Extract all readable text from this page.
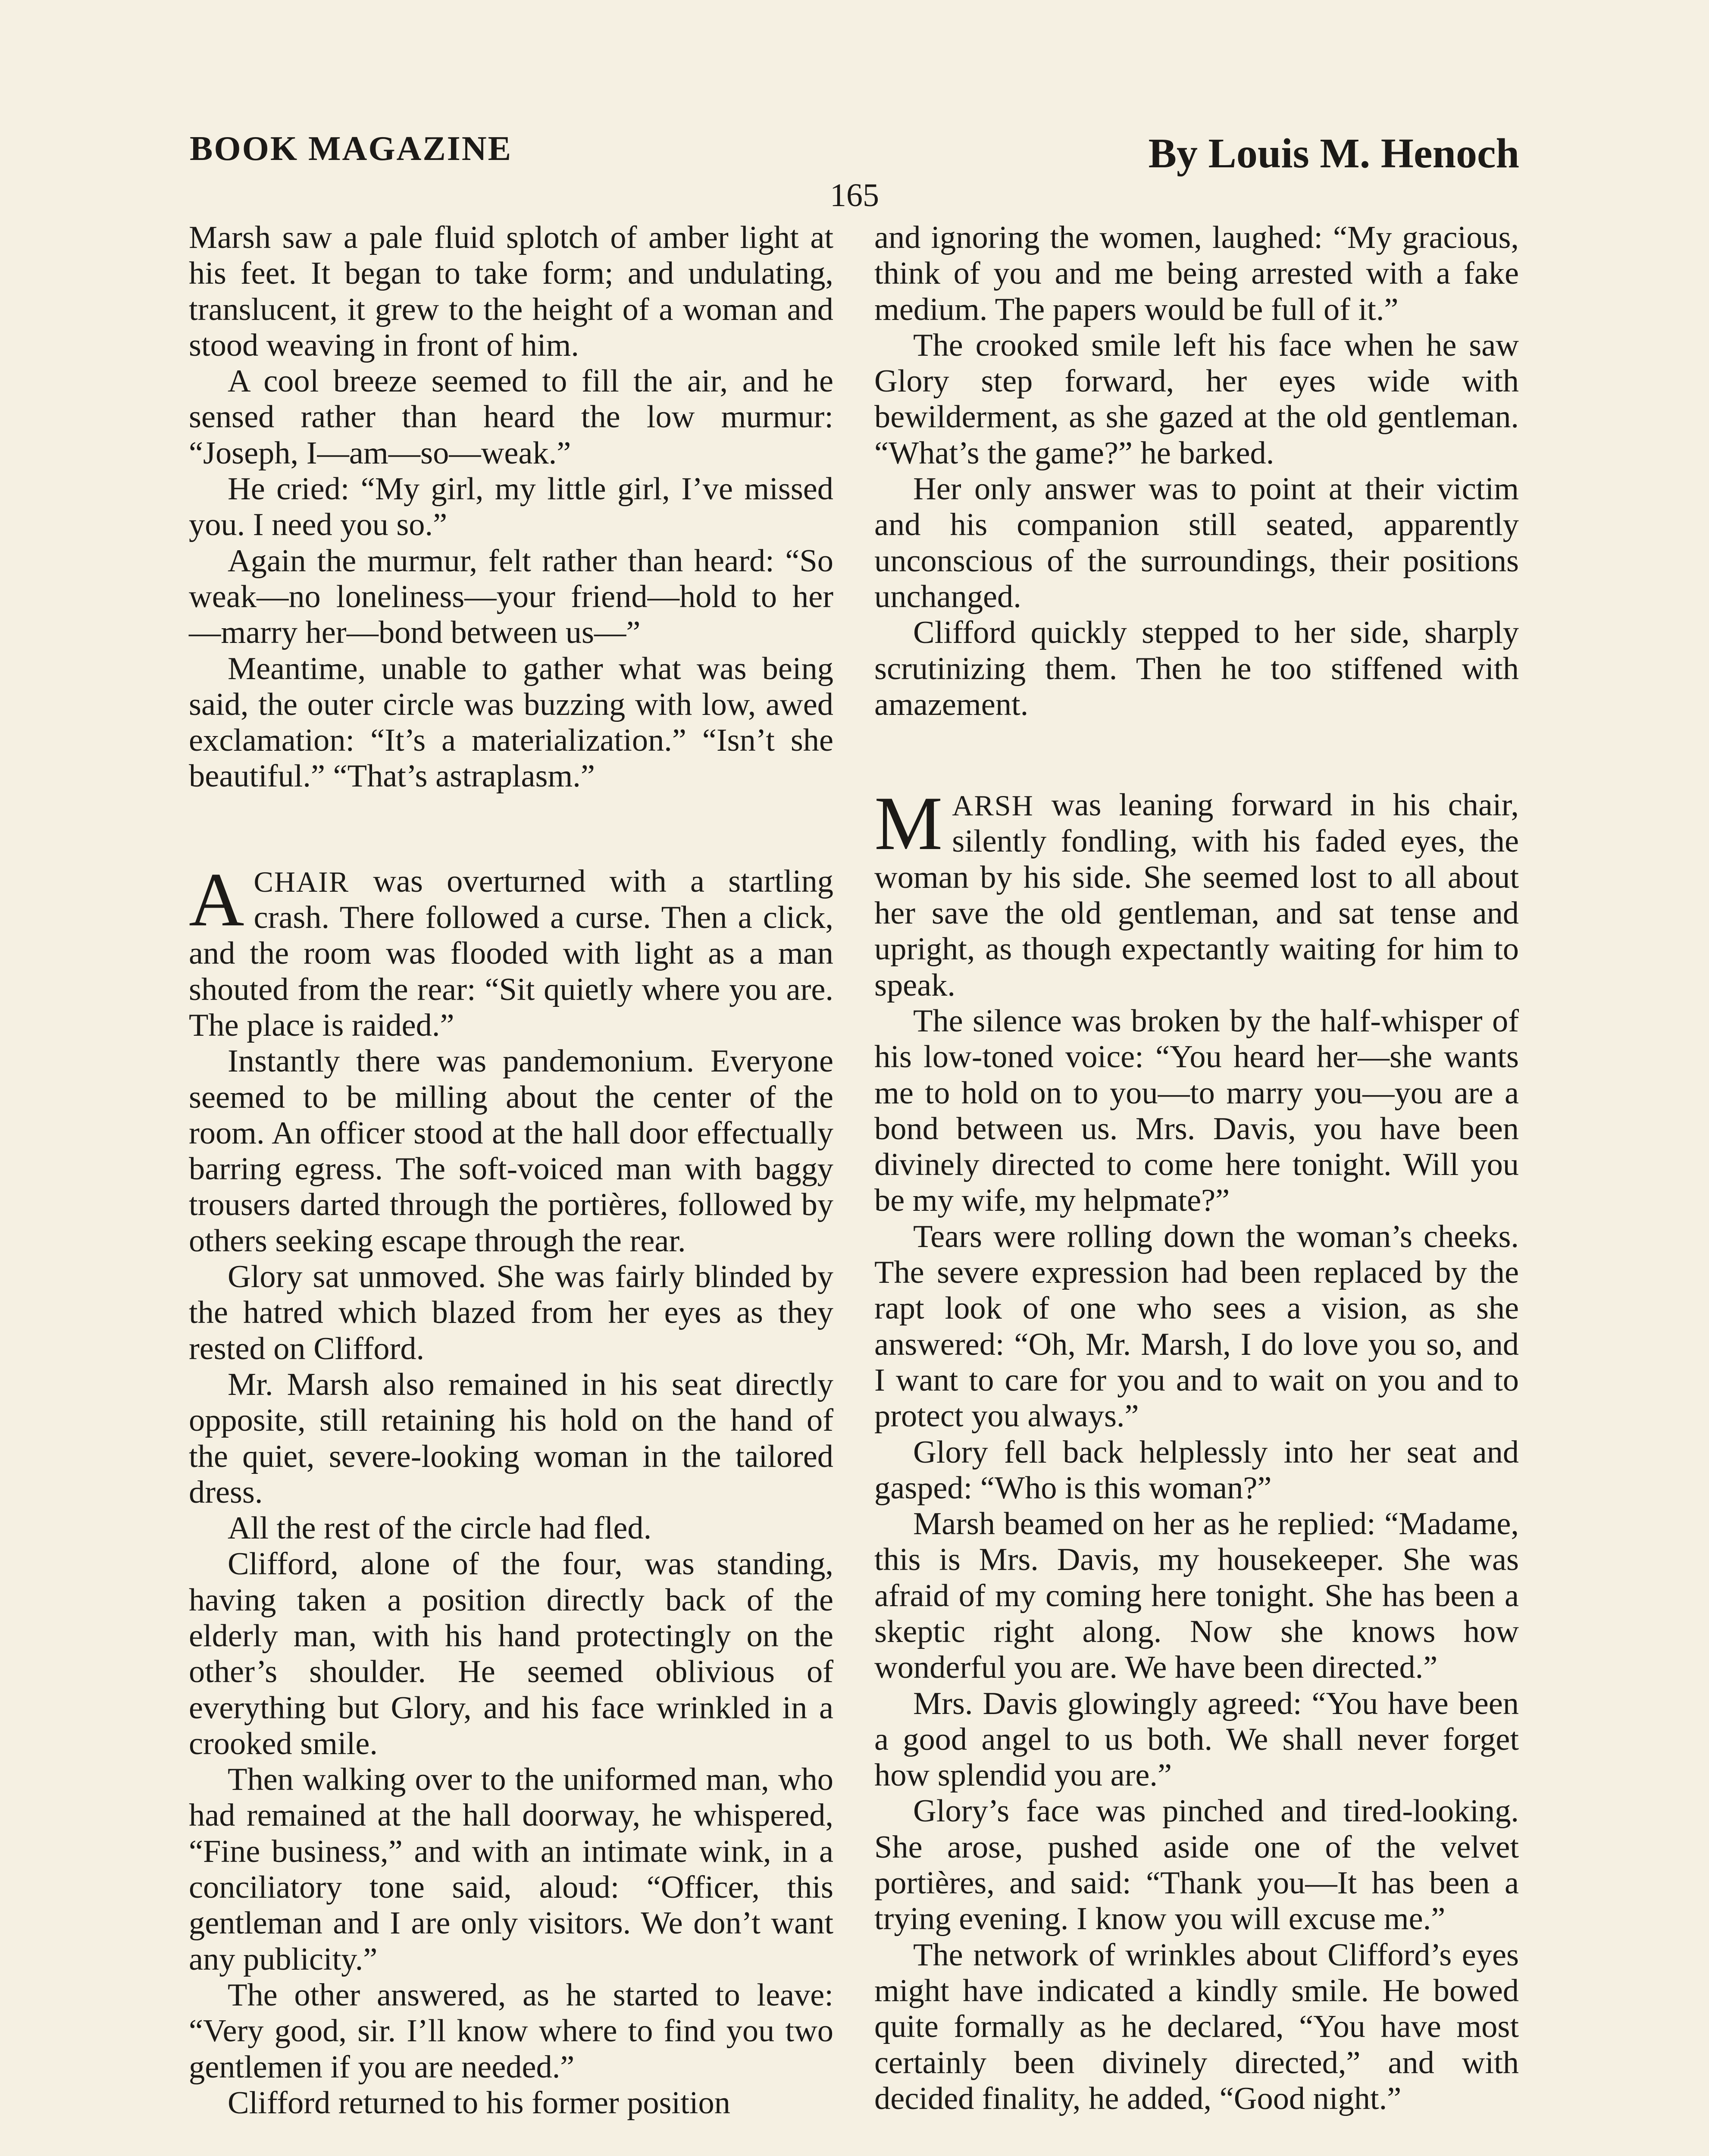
BOOK MAGAZINE	By Louis M. Henoch
165

Marsh saw a pale fluid splotch of amber light at his feet. It began to take form; and undulating, translucent, it grew to the height of a woman and stood weaving in front of him.

A cool breeze seemed to fill the air, and he sensed rather than heard the low murmur: “Joseph, I—am—so—weak.”

He cried: “My girl, my little girl, I’ve missed you. I need you so.”

Again the murmur, felt rather than heard: “So weak—no loneliness—your friend—hold to her—marry her—bond between us—”

Meantime, unable to gather what was being said, the outer circle was buzzing with low, awed exclamation: “It’s a materialization.” “Isn’t she beautiful.” “That’s astraplasm.”

ACHAIR was overturned with a startling crash. There followed a curse. Then a click, and the room was flooded with light as a man shouted from the rear: “Sit quietly where you are. The place is raided.”

Instantly there was pandemonium. Everyone seemed to be milling about the center of the room. An officer stood at the hall door effectually barring egress. The soft-voiced man with baggy trousers darted through the portières, followed by others seeking escape through the rear.

Glory sat unmoved. She was fairly blinded by the hatred which blazed from her eyes as they rested on Clifford.

Mr. Marsh also remained in his seat directly opposite, still retaining his hold on the hand of the quiet, severe-looking woman in the tailored dress.

All the rest of the circle had fled.

Clifford, alone of the four, was standing, having taken a position directly back of the elderly man, with his hand protectingly on the other’s shoulder. He seemed oblivious of everything but Glory, and his face wrinkled in a crooked smile.

Then walking over to the uniformed man, who had remained at the hall doorway, he whispered, “Fine business,” and with an intimate wink, in a conciliatory tone said, aloud: “Officer, this gentleman and I are only visitors. We don’t want any publicity.”

The other answered, as he started to leave: “Very good, sir. I’ll know where to find you two gentlemen if you are needed.”

Clifford returned to his former position

and ignoring the women, laughed: “My gracious, think of you and me being arrested with a fake medium. The papers would be full of it.”

The crooked smile left his face when he saw Glory step forward, her eyes wide with bewilderment, as she gazed at the old gentleman. “What’s the game?” he barked.

Her only answer was to point at their victim and his companion still seated, apparently unconscious of the surroundings, their positions unchanged.

Clifford quickly stepped to her side, sharply scrutinizing them. Then he too stiffened with amazement.

MARSH was leaning forward in his chair, silently fondling, with his faded eyes, the woman by his side. She seemed lost to all about her save the old gentleman, and sat tense and upright, as though expectantly waiting for him to speak.

The silence was broken by the half-whisper of his low-toned voice: “You heard her—she wants me to hold on to you—to marry you—you are a bond between us. Mrs. Davis, you have been divinely directed to come here tonight. Will you be my wife, my helpmate?”

Tears were rolling down the woman’s cheeks. The severe expression had been replaced by the rapt look of one who sees a vision, as she answered: “Oh, Mr. Marsh, I do love you so, and I want to care for you and to wait on you and to protect you always.”

Glory fell back helplessly into her seat and gasped: “Who is this woman?”

Marsh beamed on her as he replied: “Madame, this is Mrs. Davis, my housekeeper. She was afraid of my coming here tonight. She has been a skeptic right along. Now she knows how wonderful you are. We have been directed.”

Mrs. Davis glowingly agreed: “You have been a good angel to us both. We shall never forget how splendid you are.”

Glory’s face was pinched and tired-looking. She arose, pushed aside one of the velvet portières, and said: “Thank you—It has been a trying evening. I know you will excuse me.”

The network of wrinkles about Clifford’s eyes might have indicated a kindly smile. He bowed quite formally as he declared, “You have most certainly been divinely directed,” and with decided finality, he added, “Good night.”
